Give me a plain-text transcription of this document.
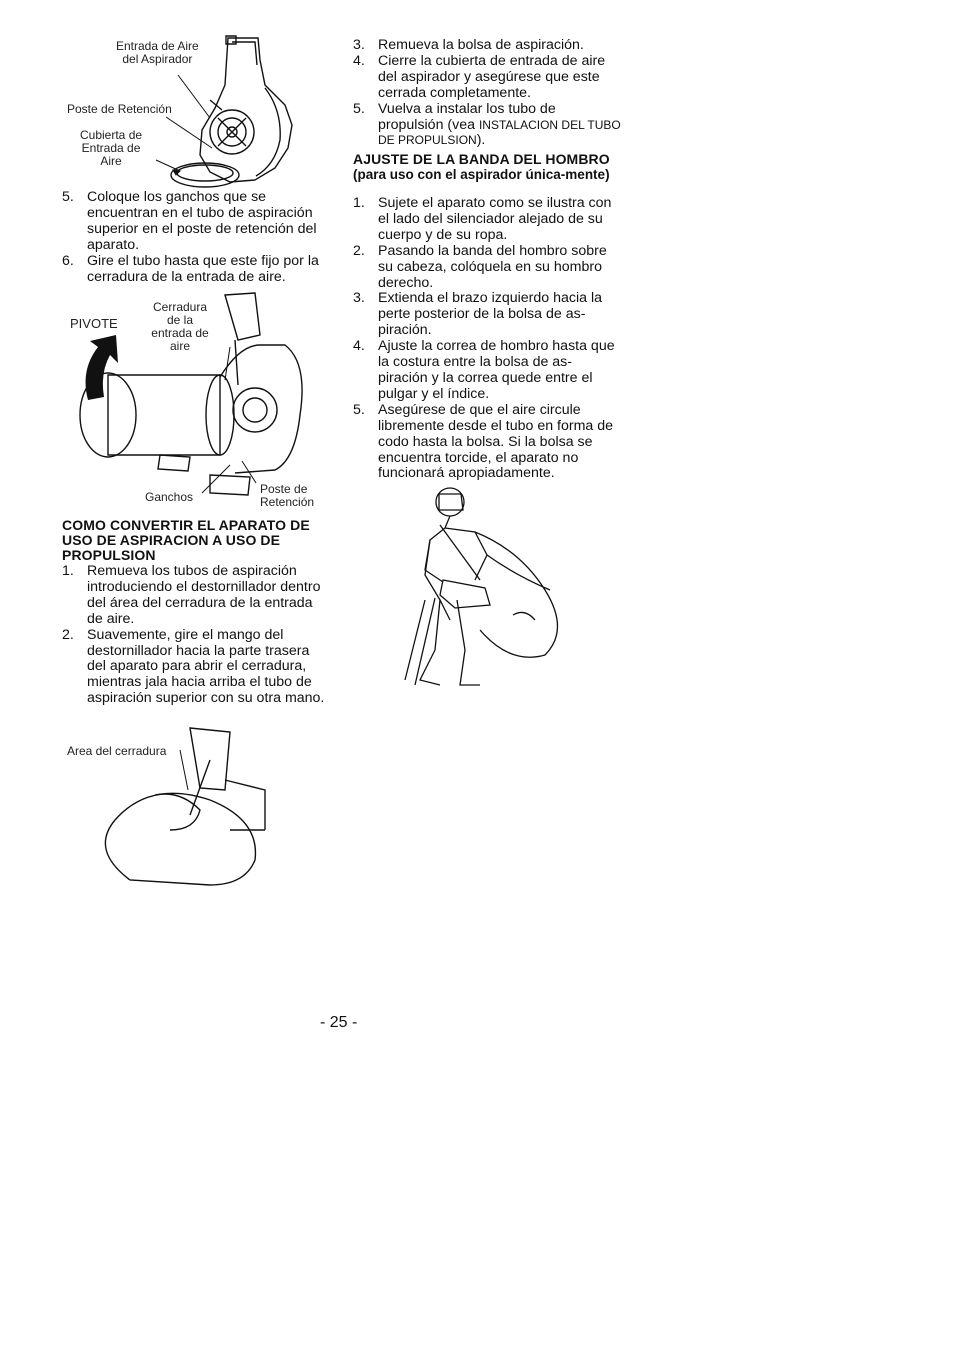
Entrada de Aire
del Aspirador
Poste de Retención
Cubierta de
Entrada de
Aire
5. Coloque los ganchos que se encuentran en el tubo de aspiración superior en el poste de retención del aparato.
6. Gire el tubo hasta que este fijo por la cerradura de la entrada de aire.
PIVOTE
Cerradura
de la
entrada de
aire
Ganchos
Poste de
Retención
COMO CONVERTIR EL APARATO DE USO DE ASPIRACION A USO DE PROPULSION
1. Remueva los tubos de aspiración introduciendo el destornillador dentro del área del cerradura de la entrada de aire.
2. Suavemente, gire el mango del destornillador hacia la parte trasera del aparato para abrir el cerradura, mientras jala hacia arriba el tubo de aspiración superior con su otra mano.
Area del cerradura
3. Remueva la bolsa de aspiración.
4. Cierre la cubierta de entrada de aire del aspirador y asegúrese que este cerrada completamente.
5. Vuelva a instalar los tubo de propulsión (vea INSTALACION DEL TUBO DE PROPULSION).
AJUSTE DE LA BANDA DEL HOMBRO
(para uso con el aspirador única-mente)
1. Sujete el aparato como se ilustra con el lado del silenciador alejado de su cuerpo y de su ropa.
2. Pasando la banda del hombro sobre su cabeza, colóquela en su hombro derecho.
3. Extienda el brazo izquierdo hacia la perte posterior de la bolsa de as-piración.
4. Ajuste la correa de hombro hasta que la costura entre la bolsa de as-piración y la correa quede entre el pulgar y el índice.
5. Asegúrese de que el aire circule libremente desde el tubo en forma de codo hasta la bolsa. Si la bolsa se encuentra torcide, el aparato no funcionará apropiadamente.
- 25 -
